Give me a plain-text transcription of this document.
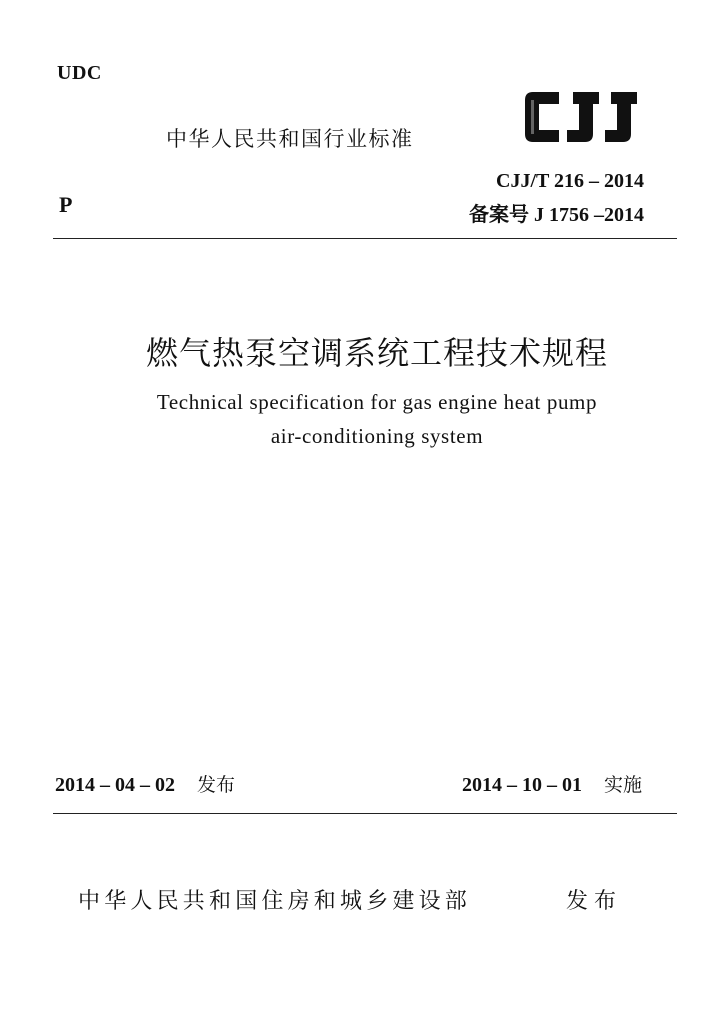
UDC
中华人民共和国行业标准
CJJ
P
CJJ/T 216 – 2014
备案号 J 1756 –2014
燃气热泵空调系统工程技术规程
Technical specification for gas engine heat pump
air-conditioning system
2014 – 04 – 02 发布	2014 – 10 – 01 实施
中华人民共和国住房和城乡建设部	发布
